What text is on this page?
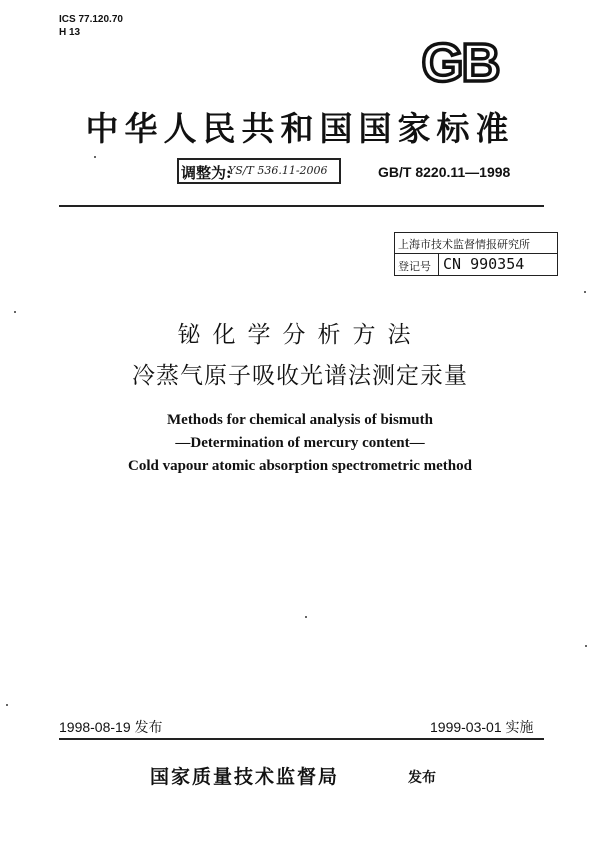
ICS 77.120.70
H 13
GB
中华人民共和国国家标准
调整为:
YS/T 536.11-2006	GB/T 8220.11—1998
上海市技术监督情报研究所
登记号 CN 990354
铋化学分析方法
冷蒸气原子吸收光谱法测定汞量
Methods for chemical analysis of bismuth
—Determination of mercury content—
Cold vapour atomic absorption spectrometric method
1998-08-19 发布	1999-03-01 实施
国家质量技术监督局	发布
